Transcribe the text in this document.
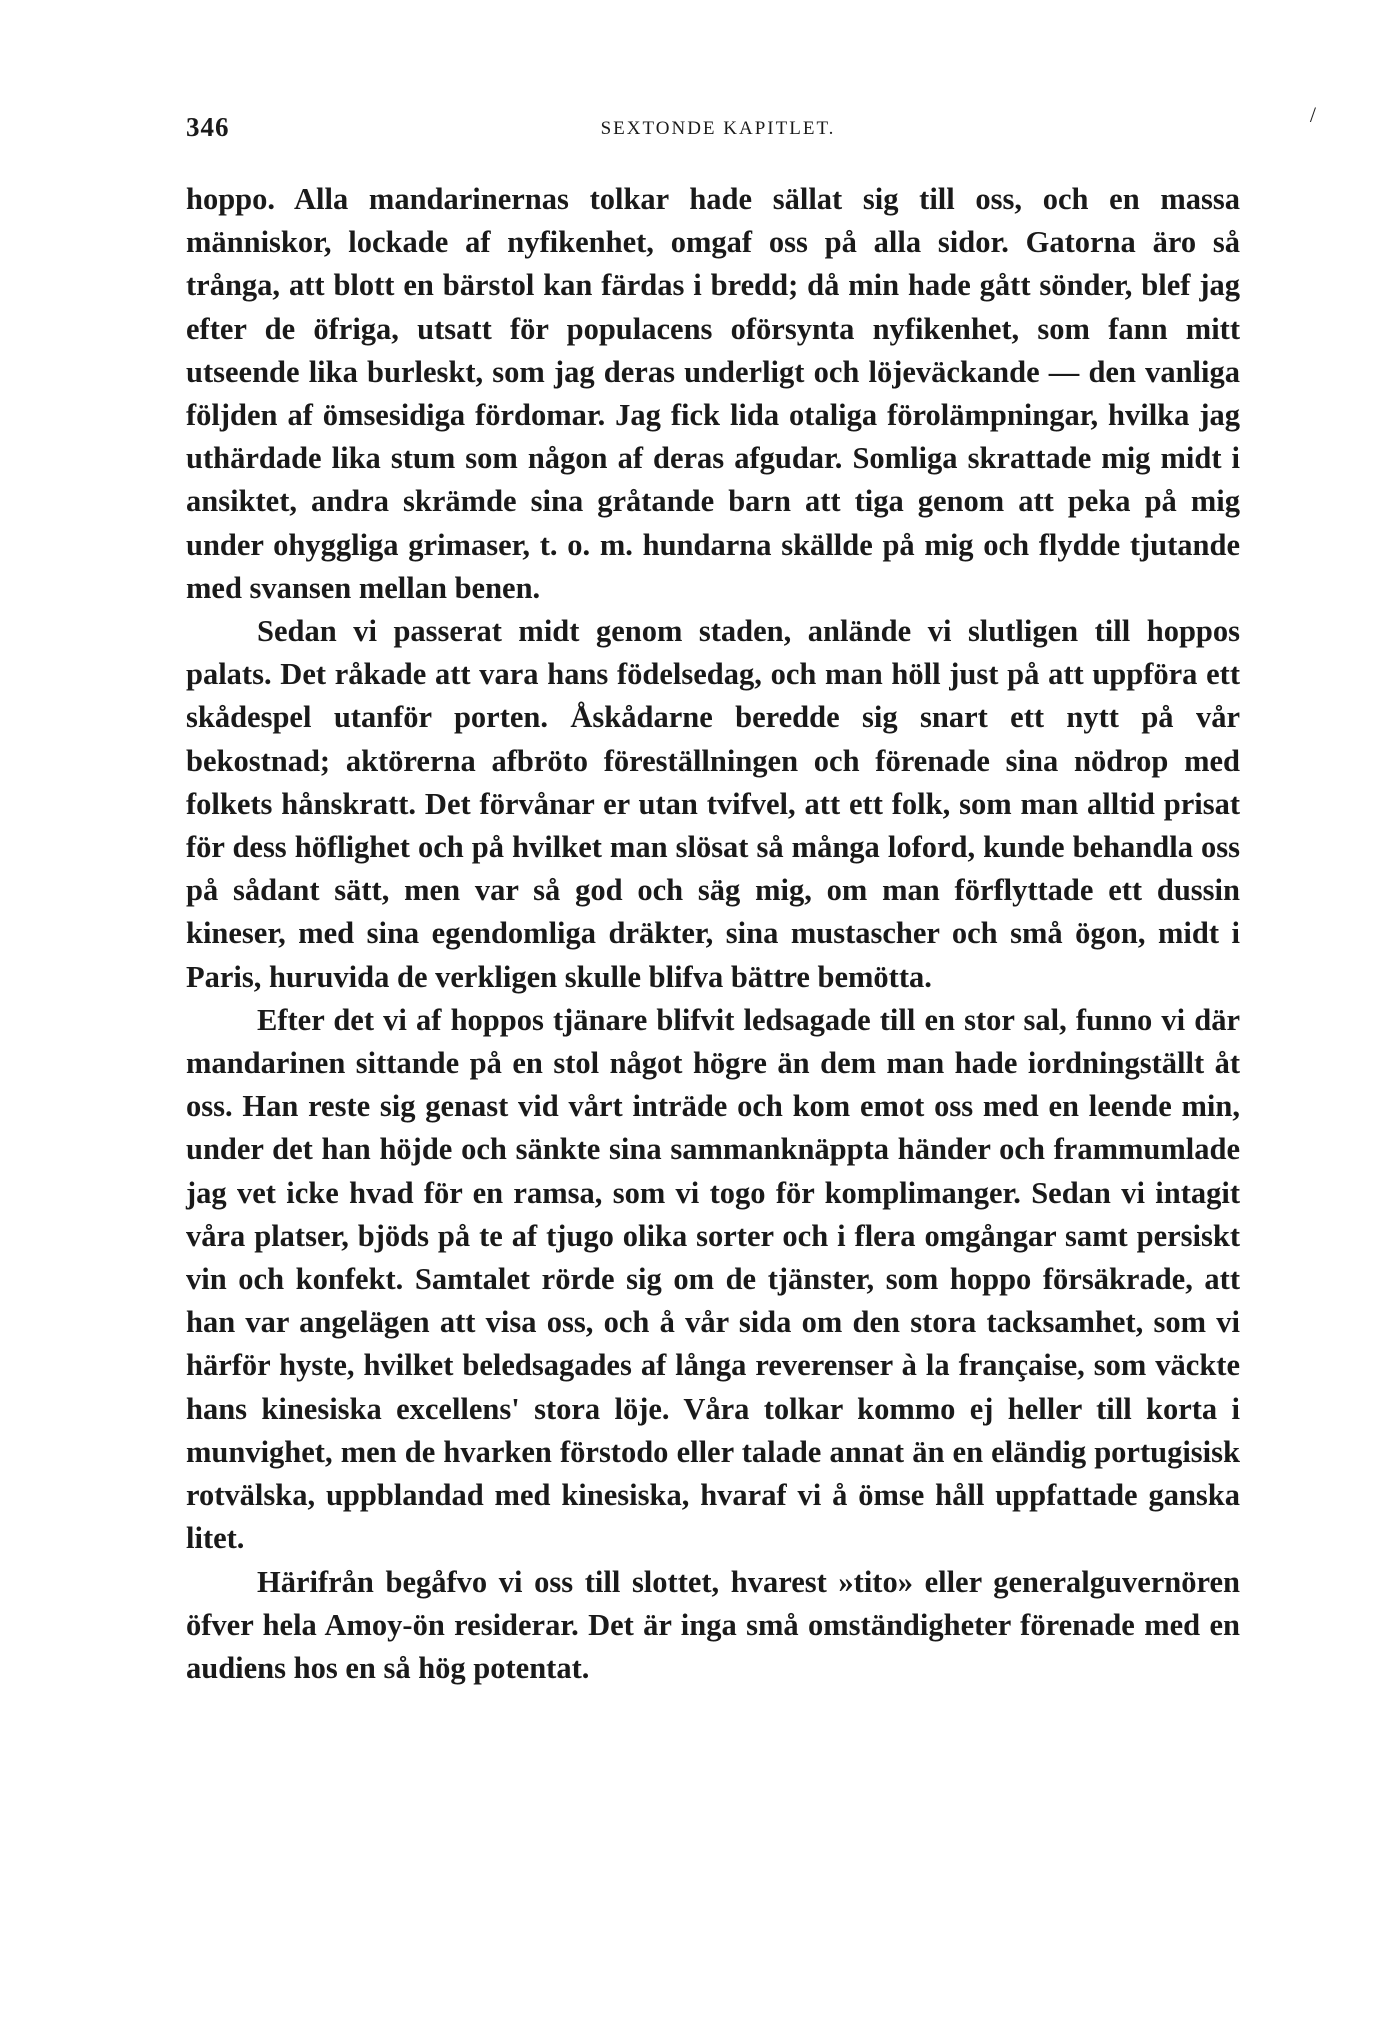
346	SEXTONDE KAPITLET.
/

hoppo. Alla mandarinernas tolkar hade sällat sig till oss, och en massa människor, lockade af nyfikenhet, omgaf oss på alla sidor. Gatorna äro så trånga, att blott en bärstol kan färdas i bredd; då min hade gått sönder, blef jag efter de öfriga, utsatt för populacens oförsynta nyfikenhet, som fann mitt utseende lika burleskt, som jag deras underligt och löjeväckande — den vanliga följden af ömsesidiga fördomar. Jag fick lida otaliga förolämpningar, hvilka jag uthärdade lika stum som någon af deras afgudar. Somliga skrattade mig midt i ansiktet, andra skrämde sina gråtande barn att tiga genom att peka på mig under ohyggliga grimaser, t. o. m. hundarna skällde på mig och flydde tjutande med svansen mellan benen.

Sedan vi passerat midt genom staden, anlände vi slutligen till hoppos palats. Det råkade att vara hans födelsedag, och man höll just på att uppföra ett skådespel utanför porten. Åskådarne beredde sig snart ett nytt på vår bekostnad; aktörerna afbröto föreställningen och förenade sina nödrop med folkets hånskratt. Det förvånar er utan tvifvel, att ett folk, som man alltid prisat för dess höflighet och på hvilket man slösat så många loford, kunde behandla oss på sådant sätt, men var så god och säg mig, om man förflyttade ett dussin kineser, med sina egendomliga dräkter, sina mustascher och små ögon, midt i Paris, huruvida de verkligen skulle blifva bättre bemötta.

Efter det vi af hoppos tjänare blifvit ledsagade till en stor sal, funno vi där mandarinen sittande på en stol något högre än dem man hade iordningställt åt oss. Han reste sig genast vid vårt inträde och kom emot oss med en leende min, under det han höjde och sänkte sina sammanknäppta händer och frammumlade jag vet icke hvad för en ramsa, som vi togo för komplimanger. Sedan vi intagit våra platser, bjöds på te af tjugo olika sorter och i flera omgångar samt persiskt vin och konfekt. Samtalet rörde sig om de tjänster, som hoppo försäkrade, att han var angelägen att visa oss, och å vår sida om den stora tacksamhet, som vi härför hyste, hvilket beledsagades af långa reverenser à la française, som väckte hans kinesiska excellens' stora löje. Våra tolkar kommo ej heller till korta i munvighet, men de hvarken förstodo eller talade annat än en eländig portugisisk rotvälska, uppblandad med kinesiska, hvaraf vi å ömse håll uppfattade ganska litet.

Härifrån begåfvo vi oss till slottet, hvarest »tito» eller generalguvernören öfver hela Amoy-ön residerar. Det är inga små omständigheter förenade med en audiens hos en så hög potentat.
